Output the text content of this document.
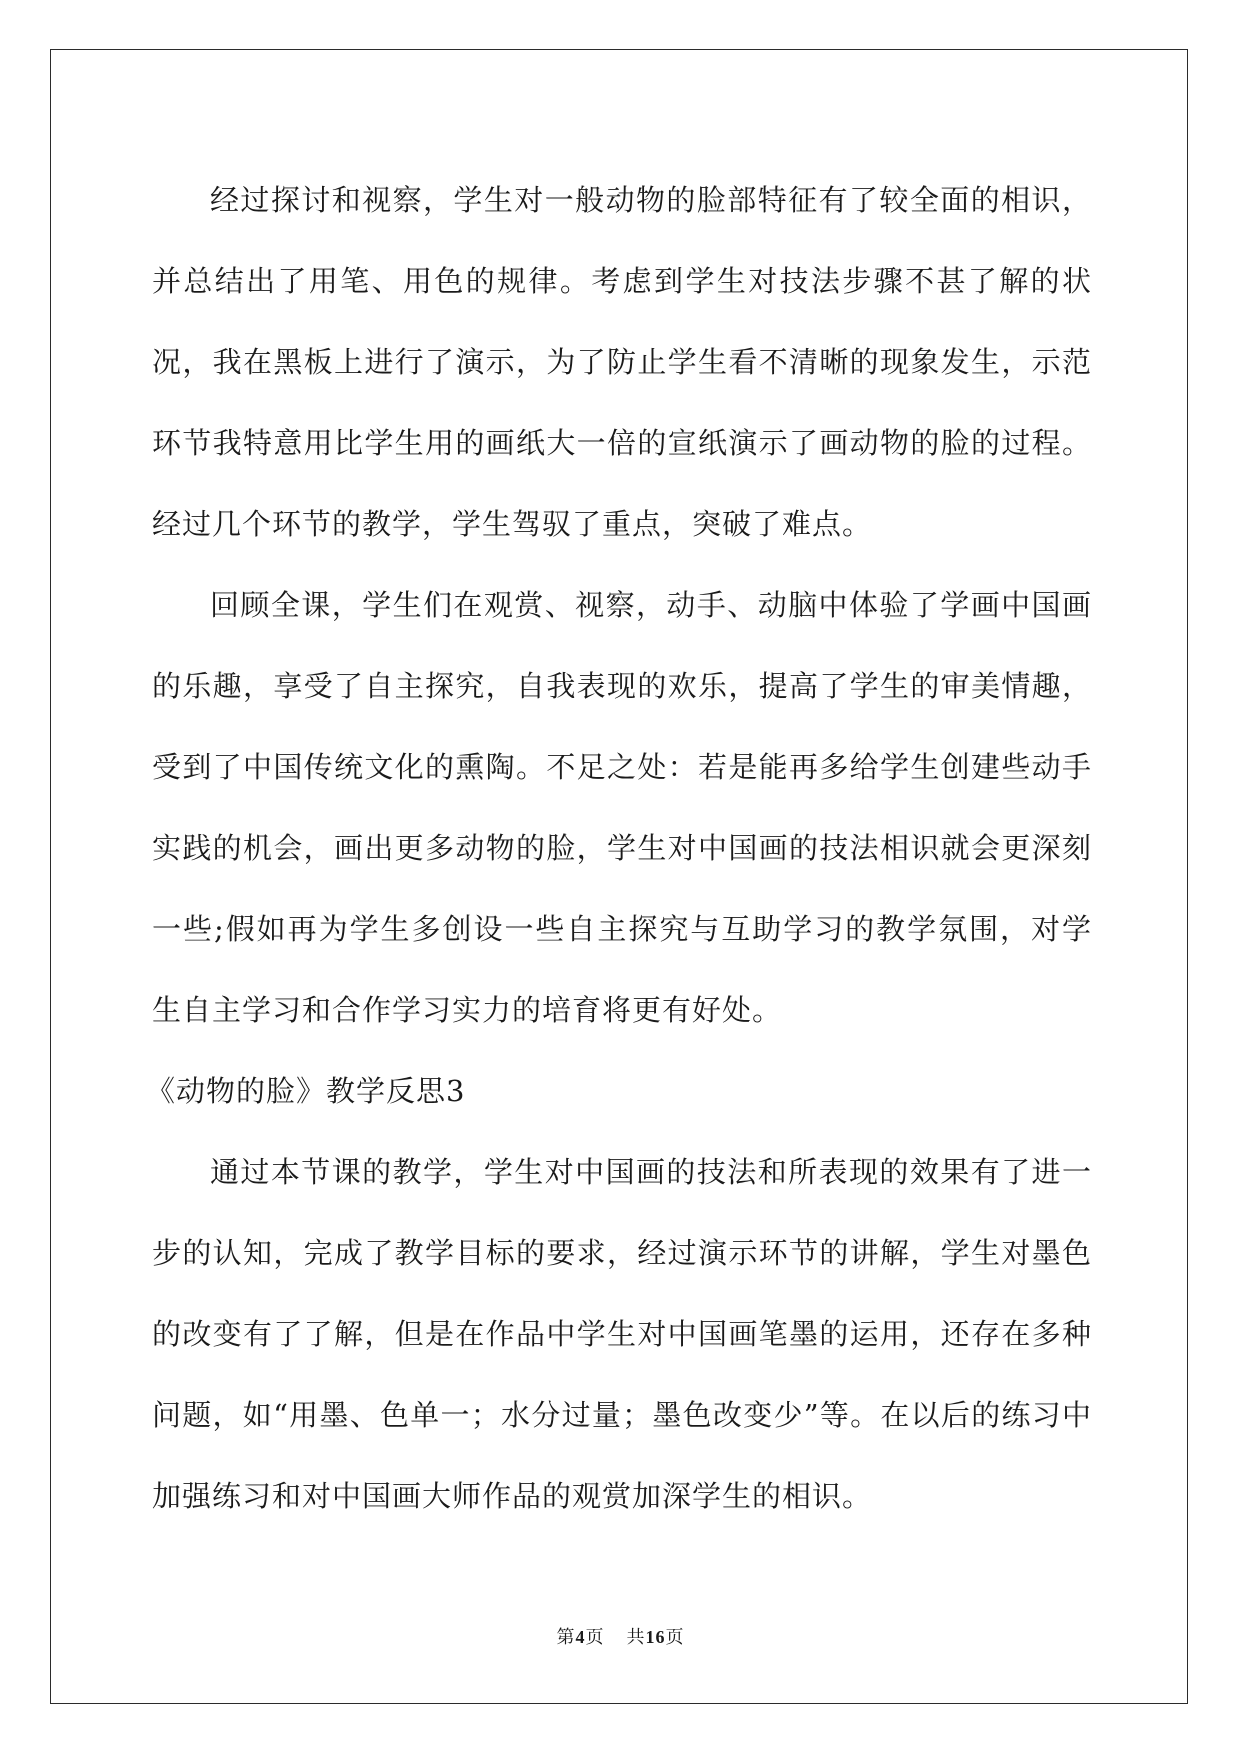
经过探讨和视察，学生对一般动物的脸部特征有了较全面的相识，并总结出了用笔、用色的规律。考虑到学生对技法步骤不甚了解的状况，我在黑板上进行了演示，为了防止学生看不清晰的现象发生，示范环节我特意用比学生用的画纸大一倍的宣纸演示了画动物的脸的过程。经过几个环节的教学，学生驾驭了重点，突破了难点。

回顾全课，学生们在观赏、视察，动手、动脑中体验了学画中国画的乐趣，享受了自主探究，自我表现的欢乐，提高了学生的审美情趣，受到了中国传统文化的熏陶。不足之处：若是能再多给学生创建些动手实践的机会，画出更多动物的脸，学生对中国画的技法相识就会更深刻一些;假如再为学生多创设一些自主探究与互助学习的教学氛围，对学生自主学习和合作学习实力的培育将更有好处。

《动物的脸》教学反思3

通过本节课的教学，学生对中国画的技法和所表现的效果有了进一步的认知，完成了教学目标的要求，经过演示环节的讲解，学生对墨色的改变有了了解，但是在作品中学生对中国画笔墨的运用，还存在多种问题，如“用墨、色单一；水分过量；墨色改变少”等。在以后的练习中加强练习和对中国画大师作品的观赏加深学生的相识。

第4页 共16页
